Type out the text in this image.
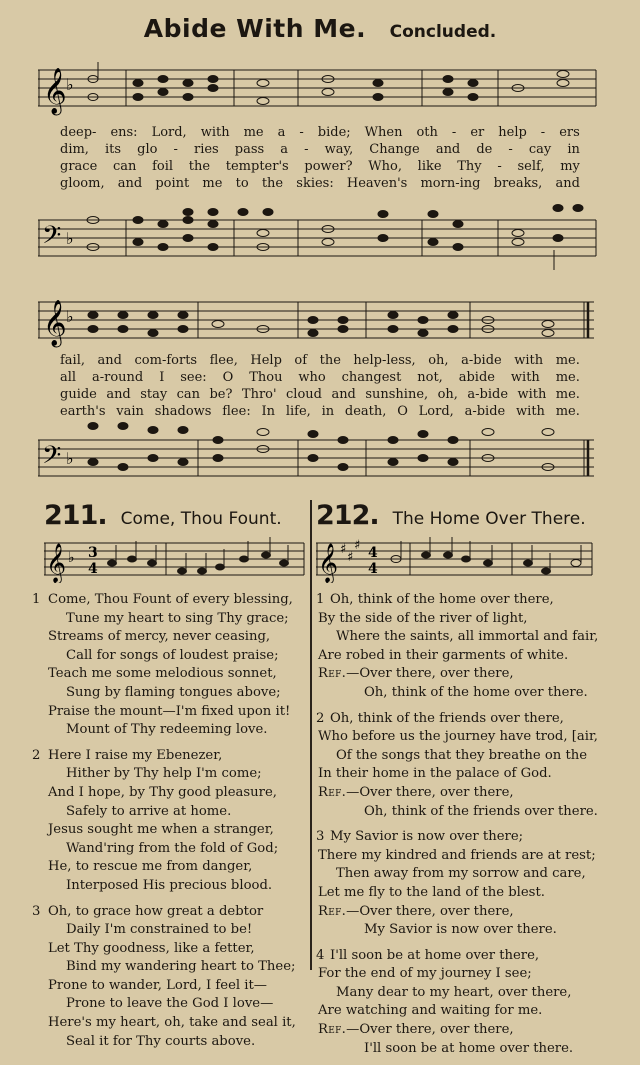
Abide With Me. Concluded.
𝄞 ♭
deep- ens: Lord, with me a - bide; When oth - er help - ers
dim, its glo - ries pass a - way, Change and de - cay in
grace can foil the tempter's power? Who, like Thy - self, my
gloom, and point me to the skies: Heaven's morn-ing breaks, and
𝄢 ♭
𝄞 ♭
fail, and com-forts flee, Help of the help-less, oh, a-bide with me.
all a-round I see: O Thou who changest not, abide with me.
guide and stay can be? Thro' cloud and sunshine, oh, a-bide with me.
earth's vain shadows flee: In life, in death, O Lord, a-bide with me.
𝄢 ♭
211. Come, Thou Fount.
𝄞 ♭ 3
4
1 Come, Thou Fount of every blessing,
Tune my heart to sing Thy grace;
Streams of mercy, never ceasing,
Call for songs of loudest praise;
Teach me some melodious sonnet,
Sung by flaming tongues above;
Praise the mount—I'm fixed upon it!
Mount of Thy redeeming love.
2 Here I raise my Ebenezer,
Hither by Thy help I'm come;
And I hope, by Thy good pleasure,
Safely to arrive at home.
Jesus sought me when a stranger,
Wand'ring from the fold of God;
He, to rescue me from danger,
Interposed His precious blood.
3 Oh, to grace how great a debtor
Daily I'm constrained to be!
Let Thy goodness, like a fetter,
Bind my wandering heart to Thee;
Prone to wander, Lord, I feel it—
Prone to leave the God I love—
Here's my heart, oh, take and seal it,
Seal it for Thy courts above.
212. The Home Over There.
𝄞 ♯
♯
♯ 4
4
1 Oh, think of the home over there,
By the side of the river of light,
Where the saints, all immortal and fair,
Are robed in their garments of white.
Ref.—Over there, over there,
Oh, think of the home over there.
2 Oh, think of the friends over there,
Who before us the journey have trod, [air,
Of the songs that they breathe on the
In their home in the palace of God.
Ref.—Over there, over there,
Oh, think of the friends over there.
3 My Savior is now over there;
There my kindred and friends are at rest;
Then away from my sorrow and care,
Let me fly to the land of the blest.
Ref.—Over there, over there,
My Savior is now over there.
4 I'll soon be at home over there,
For the end of my journey I see;
Many dear to my heart, over there,
Are watching and waiting for me.
Ref.—Over there, over there,
I'll soon be at home over there.
